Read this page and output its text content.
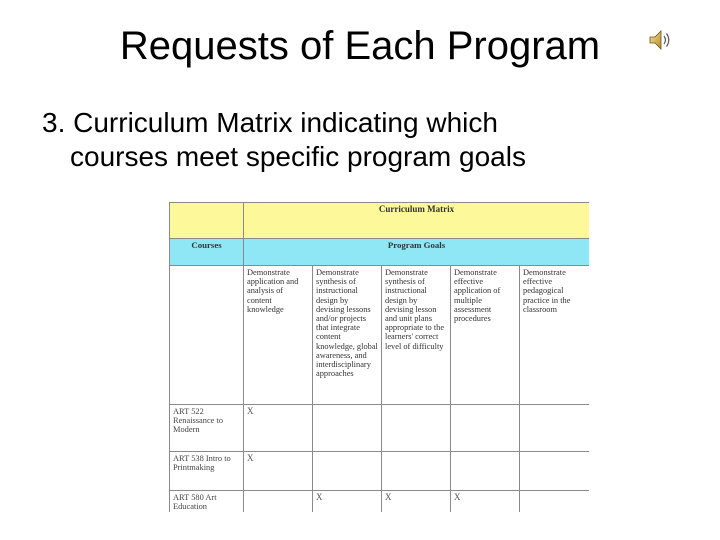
Requests of Each Program
3. Curriculum Matrix indicating which
courses meet specific program goals
	Curriculum Matrix				
Courses	Program Goals				
	Demonstrate application and analysis of content knowledge	Demonstrate synthesis of instructional design by devising lessons and/or projects that integrate content knowledge, global awareness, and interdisciplinary approaches	Demonstrate synthesis of instructional design by devising lesson and unit plans appropriate to the learners' correct level of difficulty	Demonstrate effective application of multiple assessment procedures	Demonstrate effective pedagogical practice in the classroom
ART 522 Renaissance to Modern	X				
ART 538 Intro to Printmaking	X				
ART 580 Art Education		X	X	X	
